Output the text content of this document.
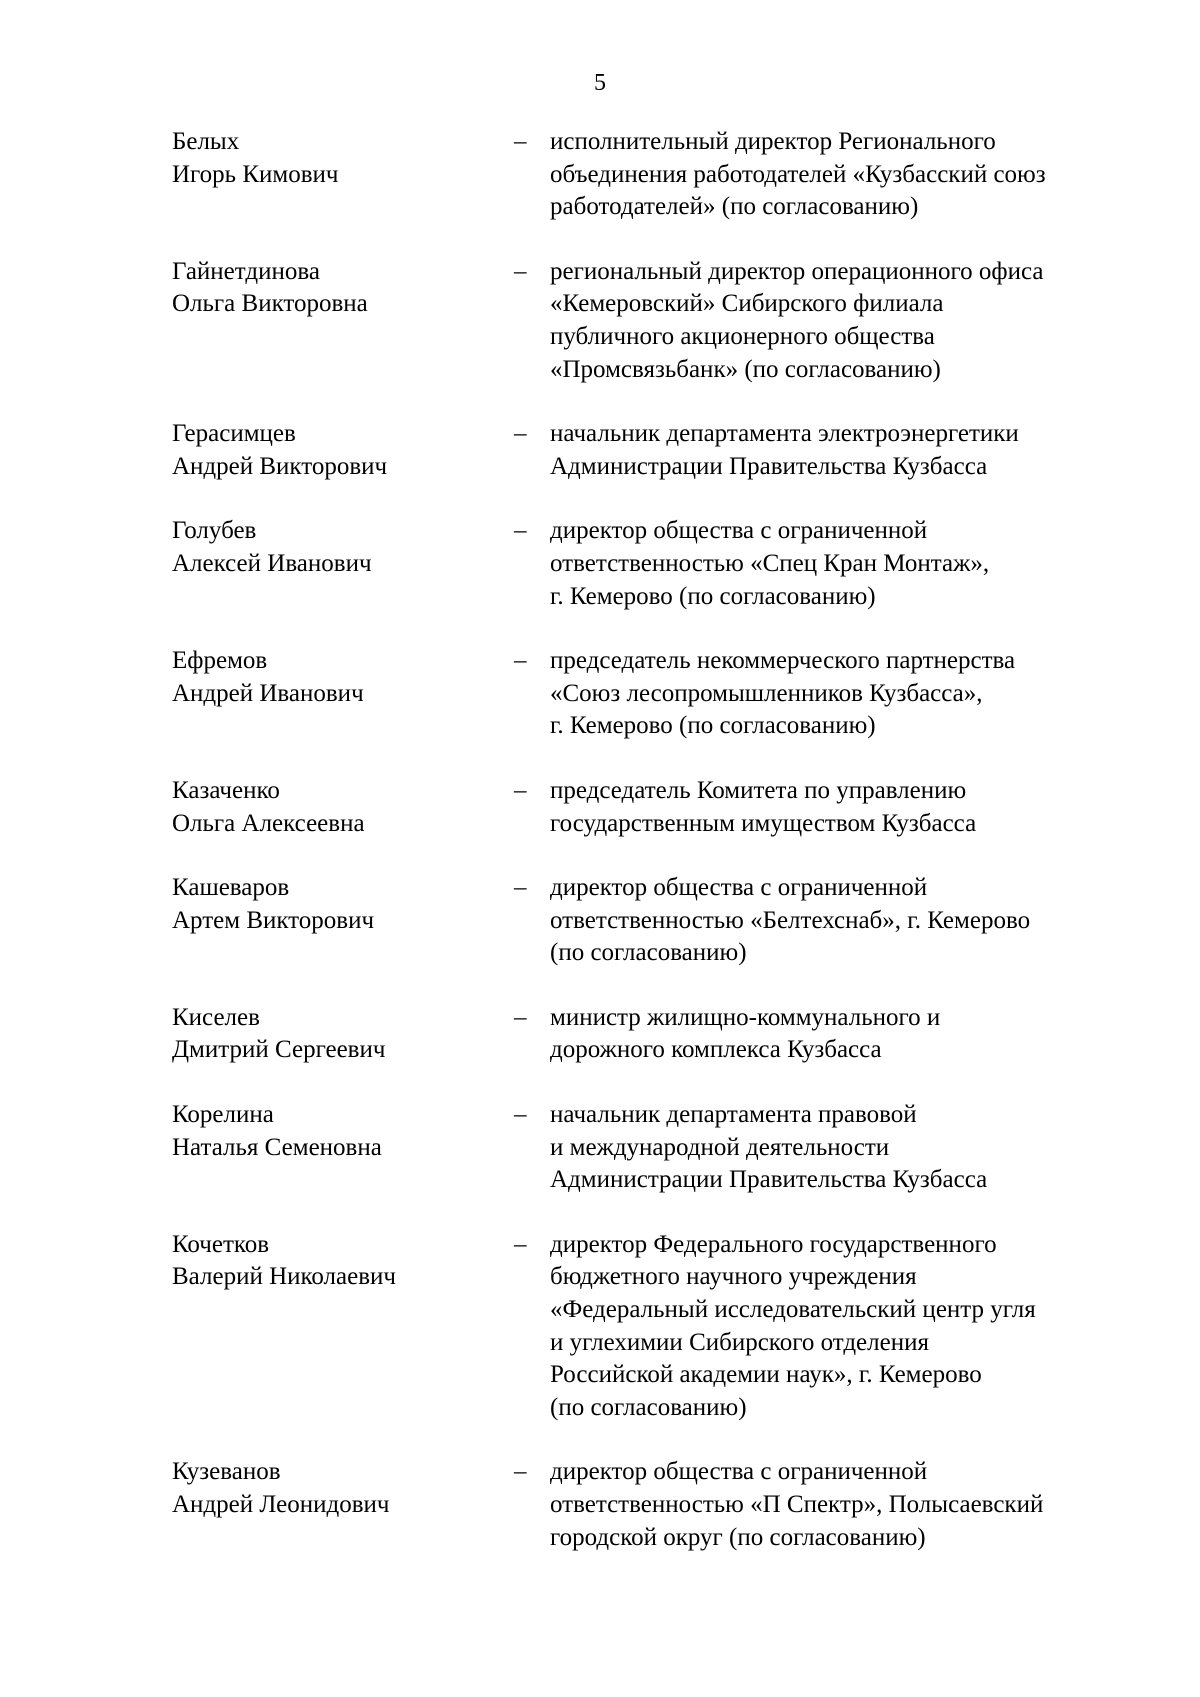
5
Белых
Игорь Кимович
– исполнительный директор Регионального
объединения работодателей «Кузбасский союз
работодателей» (по согласованию)
Гайнетдинова
Ольга Викторовна
– региональный директор операционного офиса
«Кемеровский» Сибирского филиала
публичного акционерного общества
«Промсвязьбанк» (по согласованию)
Герасимцев
Андрей Викторович
– начальник департамента электроэнергетики
Администрации Правительства Кузбасса
Голубев
Алексей Иванович
– директор общества с ограниченной
ответственностью «Спец Кран Монтаж»,
г. Кемерово (по согласованию)
Ефремов
Андрей Иванович
– председатель некоммерческого партнерства
«Союз лесопромышленников Кузбасса»,
г. Кемерово (по согласованию)
Казаченко
Ольга Алексеевна
– председатель Комитета по управлению
государственным имуществом Кузбасса
Кашеваров
Артем Викторович
– директор общества с ограниченной
ответственностью «Белтехснаб», г. Кемерово
(по согласованию)
Киселев
Дмитрий Сергеевич
– министр жилищно-коммунального и
дорожного комплекса Кузбасса
Корелина
Наталья Семеновна
– начальник департамента правовой
и международной деятельности
Администрации Правительства Кузбасса
Кочетков
Валерий Николаевич
– директор Федерального государственного
бюджетного научного учреждения
«Федеральный исследовательский центр угля
и углехимии Сибирского отделения
Российской академии наук», г. Кемерово
(по согласованию)
Кузеванов
Андрей Леонидович
– директор общества с ограниченной
ответственностью «П Спектр», Полысаевский
городской округ (по согласованию)
